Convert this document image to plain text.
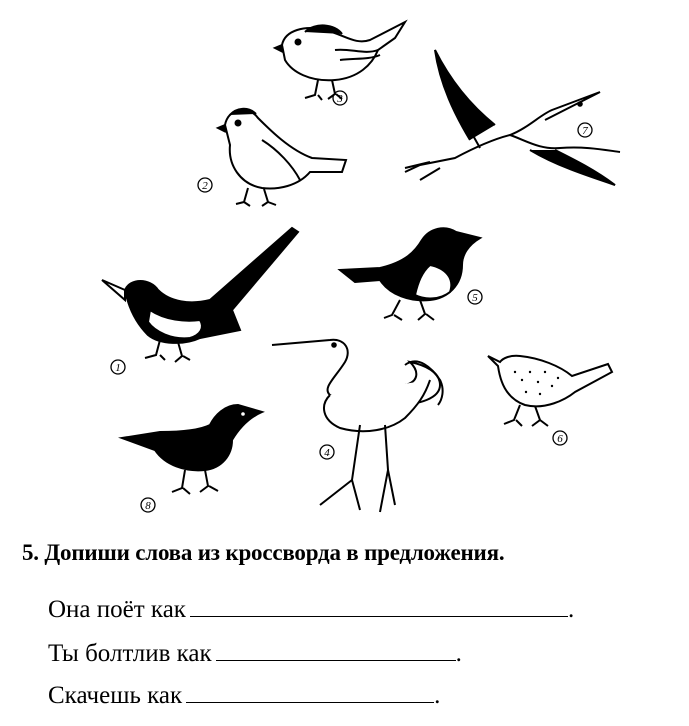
3
2
7
1
5
4
6
8
5. Допиши слова из кроссворда в предложения.
Она поёт как	.
Ты болтлив как	.
Скачешь как	.
